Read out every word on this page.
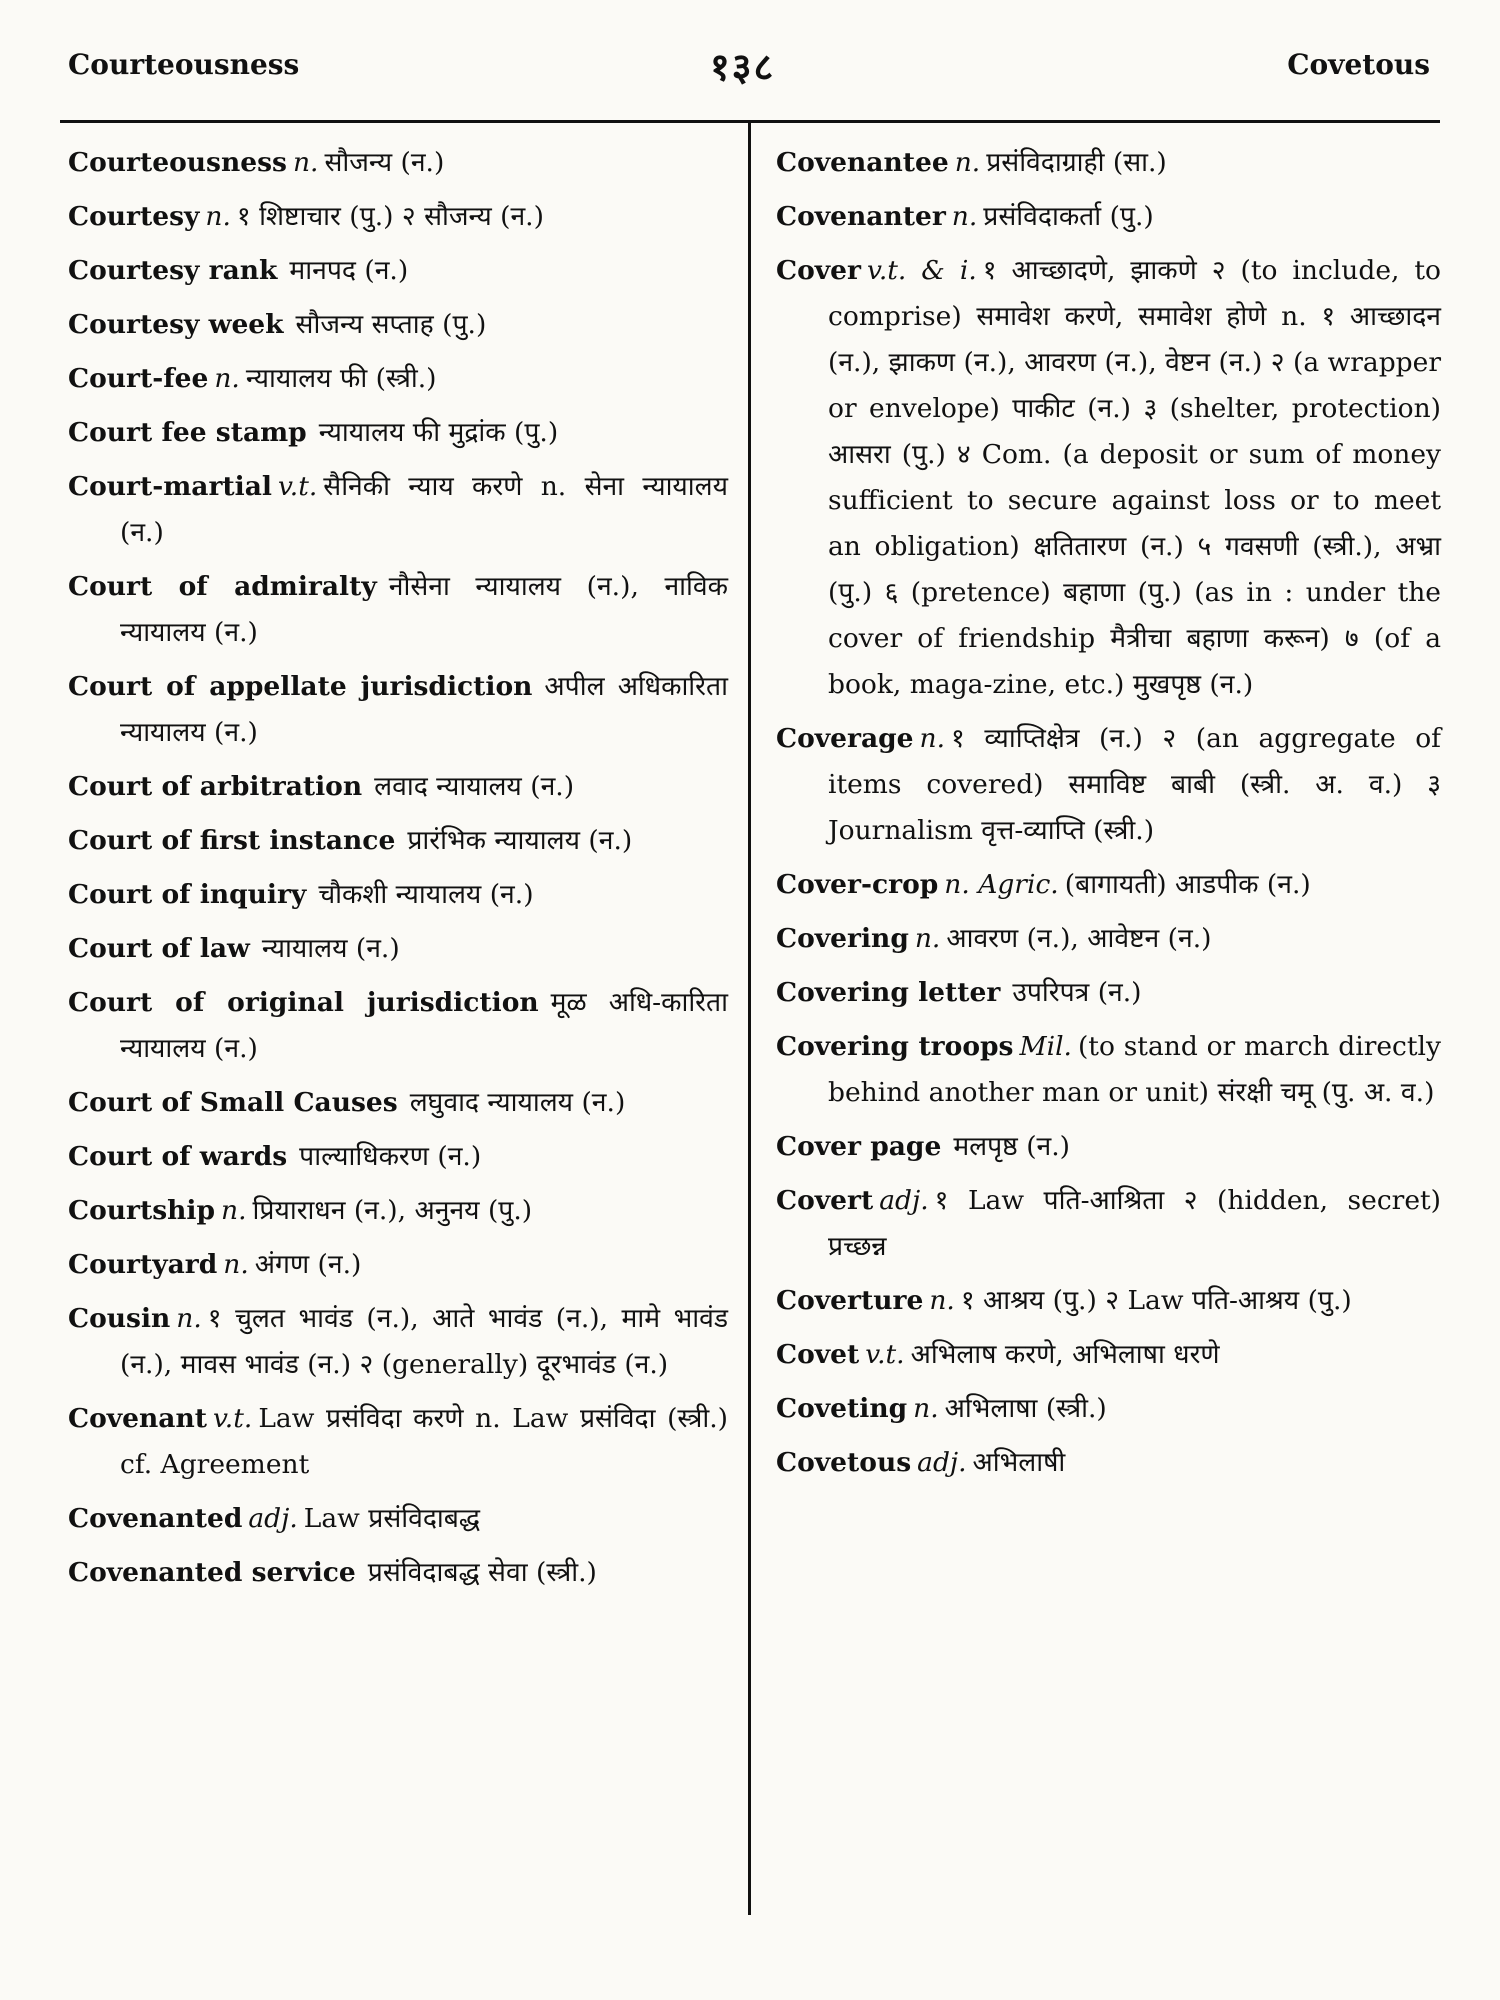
Courteousness	१३८	Covetous

Courteousness n. सौजन्य (न.)

Courtesy n. १ शिष्टाचार (पु.) २ सौजन्य (न.)

Courtesy rank मानपद (न.)

Courtesy week सौजन्य सप्ताह (पु.)

Court-fee n. न्यायालय फी (स्त्री.)

Court fee stamp न्यायालय फी मुद्रांक (पु.)

Court-martial v.t. सैनिकी न्याय करणे n. सेना न्यायालय (न.)

Court of admiralty नौसेना न्यायालय (न.), नाविक न्यायालय (न.)

Court of appellate jurisdiction अपील अधिकारिता न्यायालय (न.)

Court of arbitration लवाद न्यायालय (न.)

Court of first instance प्रारंभिक न्यायालय (न.)

Court of inquiry चौकशी न्यायालय (न.)

Court of law न्यायालय (न.)

Court of original jurisdiction मूळ अधि-कारिता न्यायालय (न.)

Court of Small Causes लघुवाद न्यायालय (न.)

Court of wards पाल्याधिकरण (न.)

Courtship n. प्रियाराधन (न.), अनुनय (पु.)

Courtyard n. अंगण (न.)

Cousin n. १ चुलत भावंड (न.), आते भावंड (न.), मामे भावंड (न.), मावस भावंड (न.) २ (generally) दूरभावंड (न.)

Covenant v.t. Law प्रसंविदा करणे n. Law प्रसंविदा (स्त्री.) cf. Agreement

Covenanted adj. Law प्रसंविदाबद्ध

Covenanted service प्रसंविदाबद्ध सेवा (स्त्री.)

Covenantee n. प्रसंविदाग्राही (सा.)

Covenanter n. प्रसंविदाकर्ता (पु.)

Cover v.t. & i. १ आच्छादणे, झाकणे २ (to include, to comprise) समावेश करणे, समावेश होणे n. १ आच्छादन (न.), झाकण (न.), आवरण (न.), वेष्टन (न.) २ (a wrapper or envelope) पाकीट (न.) ३ (shelter, protection) आसरा (पु.) ४ Com. (a deposit or sum of money sufficient to secure against loss or to meet an obligation) क्षतितारण (न.) ५ गवसणी (स्त्री.), अभ्रा (पु.) ६ (pretence) बहाणा (पु.) (as in : under the cover of friendship मैत्रीचा बहाणा करून) ७ (of a book, maga-zine, etc.) मुखपृष्ठ (न.)

Coverage n. १ व्याप्तिक्षेत्र (न.) २ (an aggregate of items covered) समाविष्ट बाबी (स्त्री. अ. व.) ३ Journalism वृत्त-व्याप्ति (स्त्री.)

Cover-crop n. Agric. (बागायती) आडपीक (न.)

Covering n. आवरण (न.), आवेष्टन (न.)

Covering letter उपरिपत्र (न.)

Covering troops Mil. (to stand or march directly behind another man or unit) संरक्षी चमू (पु. अ. व.)

Cover page मलपृष्ठ (न.)

Covert adj. १ Law पति-आश्रिता २ (hidden, secret) प्रच्छन्न

Coverture n. १ आश्रय (पु.) २ Law पति-आश्रय (पु.)

Covet v.t. अभिलाष करणे, अभिलाषा धरणे

Coveting n. अभिलाषा (स्त्री.)

Covetous adj. अभिलाषी
